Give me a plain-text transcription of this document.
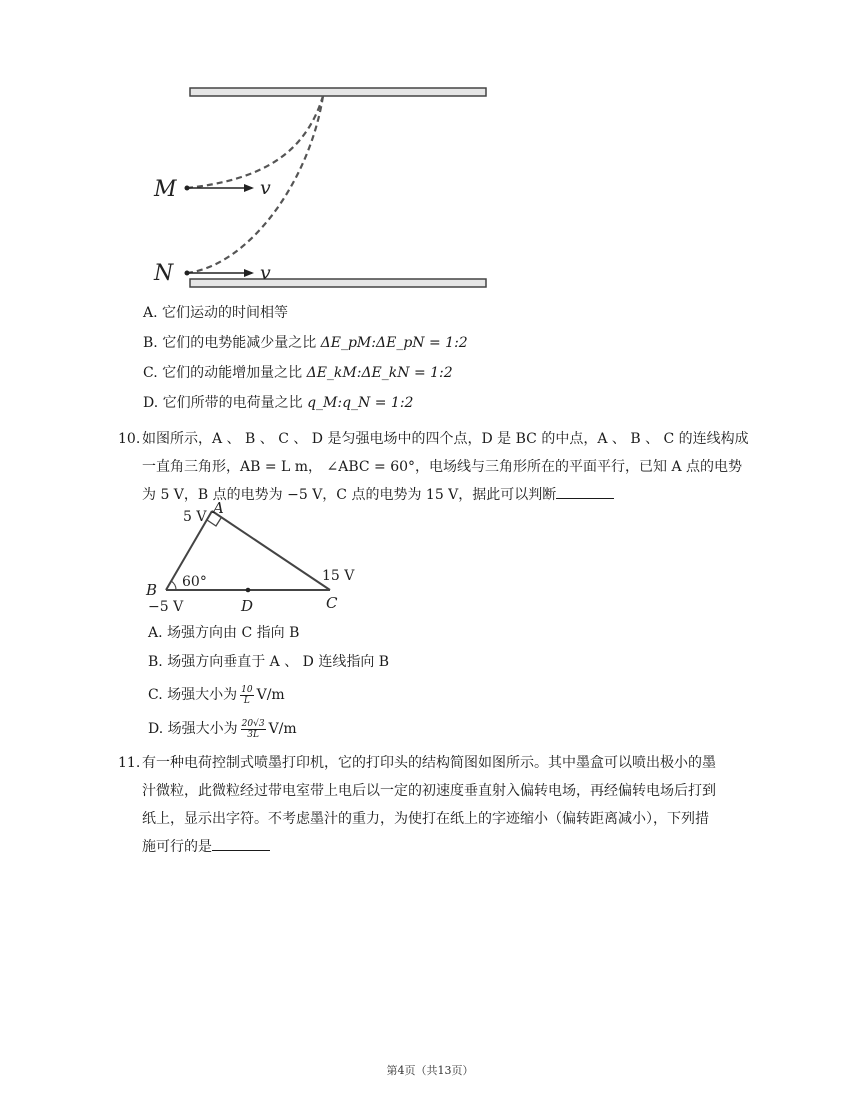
M
N
v
v
A. 它们运动的时间相等
B. 它们的电势能减少量之比 ΔE_pM:ΔE_pN = 1:2
C. 它们的动能增加量之比 ΔE_kM:ΔE_kN = 1:2
D. 它们所带的电荷量之比 q_M:q_N = 1:2
10. 如图所示，A 、 B 、 C 、 D 是匀强电场中的四个点，D 是 BC 的中点，A 、 B 、 C 的连线构成
一直角三角形，AB = L m， ∠ABC = 60°，电场线与三角形所在的平面平行，已知 A 点的电势
为 5 V，B 点的电势为 −5 V，C 点的电势为 15 V，据此可以判断
5 V A
60°
B
−5 V	D
15 V
C
A. 场强方向由 C 指向 B
B. 场强方向垂直于 A 、 D 连线指向 B
C. 场强大小为 $\frac{10}{L} V/m$
D. 场强大小为 $\frac{20√3}{3L} V/m$
11. 有一种电荷控制式喷墨打印机，它的打印头的结构简图如图所示。其中墨盒可以喷出极小的墨
汁微粒，此微粒经过带电室带上电后以一定的初速度垂直射入偏转电场，再经偏转电场后打到
纸上，显示出字符。不考虑墨汁的重力，为使打在纸上的字迹缩小（偏转距离减小），下列措
施可行的是
第4页（共13页）
